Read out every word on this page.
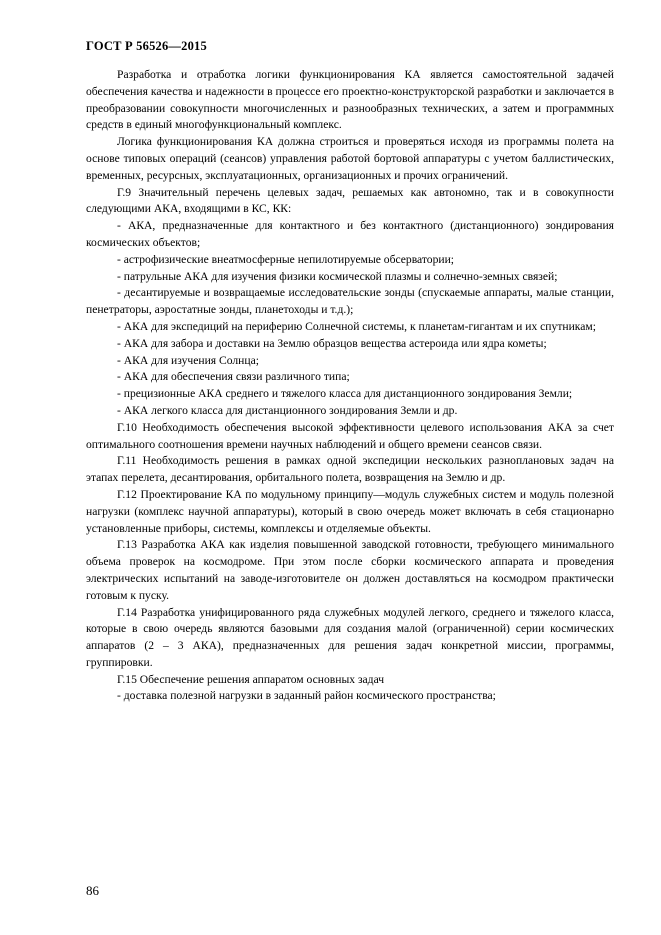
ГОСТ Р 56526—2015

Разработка и отработка логики функционирования КА является самостоятельной задачей обеспечения качества и надежности в процессе его проектно-конструкторской разработки и заключается в преобразовании совокупности многочисленных и разнообразных технических, а затем и программных средств в единый многофункциональный комплекс.

Логика функционирования КА должна строиться и проверяться исходя из программы полета на основе типовых операций (сеансов) управления работой бортовой аппаратуры с учетом баллистических, временных, ресурсных, эксплуатационных, организационных и прочих ограничений.

Г.9 Значительный перечень целевых задач, решаемых как автономно, так и в совокупности следующими АКА, входящими в КС, КК:

- АКА, предназначенные для контактного и без контактного (дистанционного) зондирования космических объектов;

- астрофизические внеатмосферные непилотируемые обсерватории;

- патрульные АКА для изучения физики космической плазмы и солнечно-земных связей;

- десантируемые и возвращаемые исследовательские зонды (спускаемые аппараты, малые станции, пенетраторы, аэростатные зонды, планетоходы и т.д.);

- АКА для экспедиций на периферию Солнечной системы, к планетам-гигантам и их спутникам;

- АКА для забора и доставки на Землю образцов вещества астероида или ядра кометы;

- АКА для изучения Солнца;

- АКА для обеспечения связи различного типа;

- прецизионные АКА среднего и тяжелого класса для дистанционного зондирования Земли;

- АКА легкого класса для дистанционного зондирования Земли и др.

Г.10 Необходимость обеспечения высокой эффективности целевого использования АКА за счет оптимального соотношения времени научных наблюдений и общего времени сеансов связи.

Г.11 Необходимость решения в рамках одной экспедиции нескольких разноплановых задач на этапах перелета, десантирования, орбитального полета, возвращения на Землю и др.

Г.12 Проектирование КА по модульному принципу—модуль служебных систем и модуль полезной нагрузки (комплекс научной аппаратуры), который в свою очередь может включать в себя стационарно установленные приборы, системы, комплексы и отделяемые объекты.

Г.13 Разработка АКА как изделия повышенной заводской готовности, требующего минимального объема проверок на космодроме. При этом после сборки космического аппарата и проведения электрических испытаний на заводе-изготовителе он должен доставляться на космодром практически готовым к пуску.

Г.14 Разработка унифицированного ряда служебных модулей легкого, среднего и тяжелого класса, которые в свою очередь являются базовыми для создания малой (ограниченной) серии космических аппаратов (2 – 3 АКА), предназначенных для решения задач конкретной миссии, программы, группировки.

Г.15 Обеспечение решения аппаратом основных задач

- доставка полезной нагрузки в заданный район космического пространства;

86
